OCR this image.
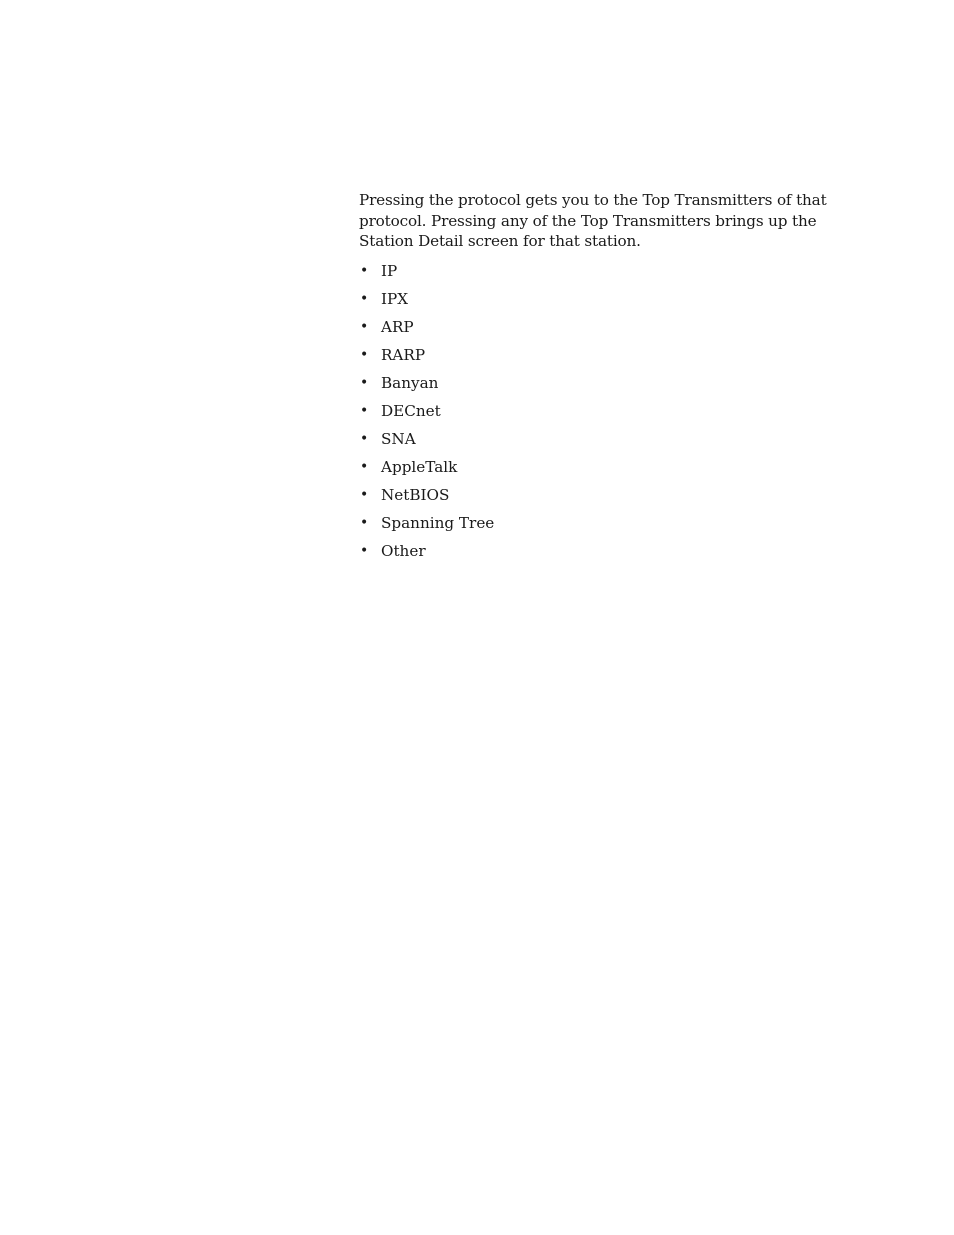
Pressing the protocol gets you to the Top Transmitters of that protocol. Pressing any of the Top Transmitters brings up the Station Detail screen for that station.

• IP
• IPX
• ARP
• RARP
• Banyan
• DECnet
• SNA
• AppleTalk
• NetBIOS
• Spanning Tree
• Other
